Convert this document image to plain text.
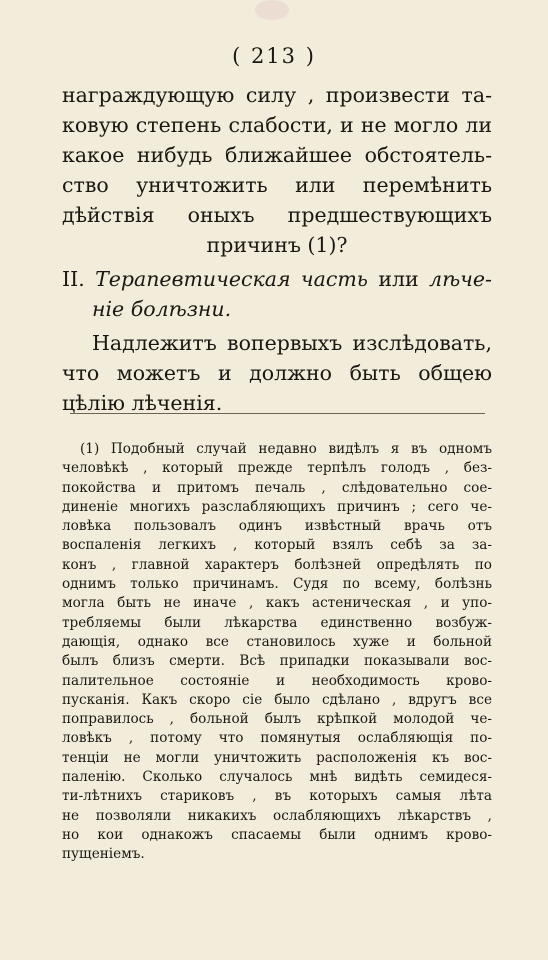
( 213 )
награждующую силу , произвести та-
ковую степень слабости, и не могло ли
какое нибудь ближайшее обстоятель-
ство уничтожить или перемѣнить
дѣйствія оныхъ предшествующихъ
причинъ (1)?
II. Терапевтическая часть или лѣче-
ніе болѣзни.
Надлежитъ вопервыхъ изслѣдовать,
что можетъ и должно быть общею
цѣлію лѣченія.
(1) Подобный случай недавно видѣлъ я въ одномъ
человѣкѣ , который прежде терпѣлъ голодъ , без-
покойства и притомъ печаль , слѣдовательно сое-
диненіе многихъ разслабляющихъ причинъ ; сего че-
ловѣка пользовалъ одинъ извѣстный врачь отъ
воспаленія легкихъ , который взялъ себѣ за за-
конъ , главной характеръ болѣзней опредѣлять по
однимъ только причинамъ. Судя по всему, болѣзнь
могла быть не иначе , какъ астеническая , и упо-
требляемы были лѣкарства единственно возбуж-
дающія, однако все становилось хуже и больной
былъ близъ смерти. Всѣ припадки показывали вос-
палительное состояніе и необходимость крово-
пусканія. Какъ скоро сіе было сдѣлано , вдругъ все
поправилось , больной былъ крѣпкой молодой че-
ловѣкъ , потому что помянутыя ослабляющія по-
тенціи не могли уничтожить расположенія къ вос-
паленію. Сколько случалось мнѣ видѣть семидеся-
ти-лѣтнихъ стариковъ , въ которыхъ самыя лѣта
не позволяли никакихъ ослабляющихъ лѣкарствъ ,
но кои однакожъ спасаемы были однимъ крово-
пущеніемъ.
